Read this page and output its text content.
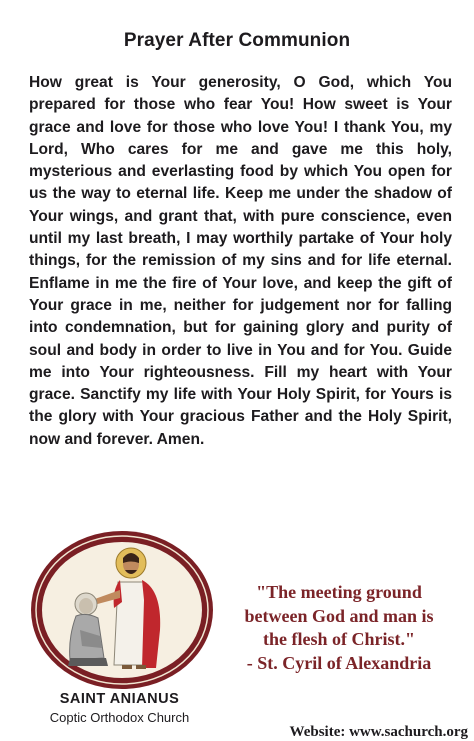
Prayer After Communion

How great is Your generosity, O God, which You prepared for those who fear You! How sweet is Your grace and love for those who love You! I thank You, my Lord, Who cares for me and gave me this holy, mysterious and everlasting food by which You open for us the way to eternal life. Keep me under the shadow of Your wings, and grant that, with pure conscience, even until my last breath, I may worthily partake of Your holy things, for the remission of my sins and for life eternal. Enflame in me the fire of Your love, and keep the gift of Your grace in me, neither for judgement nor for falling into condemnation, but for gaining glory and purity of soul and body in order to live in You and for You. Guide me into Your righteousness. Fill my heart with Your grace. Sanctify my life with Your Holy Spirit, for Yours is the glory with Your gracious Father and the Holy Spirit, now and forever. Amen.

SAINT ANIANUS
Coptic Orthodox Church
"The meeting ground
between God and man is
the flesh of Christ."
- St. Cyril of Alexandria
Website: www.sachurch.org
